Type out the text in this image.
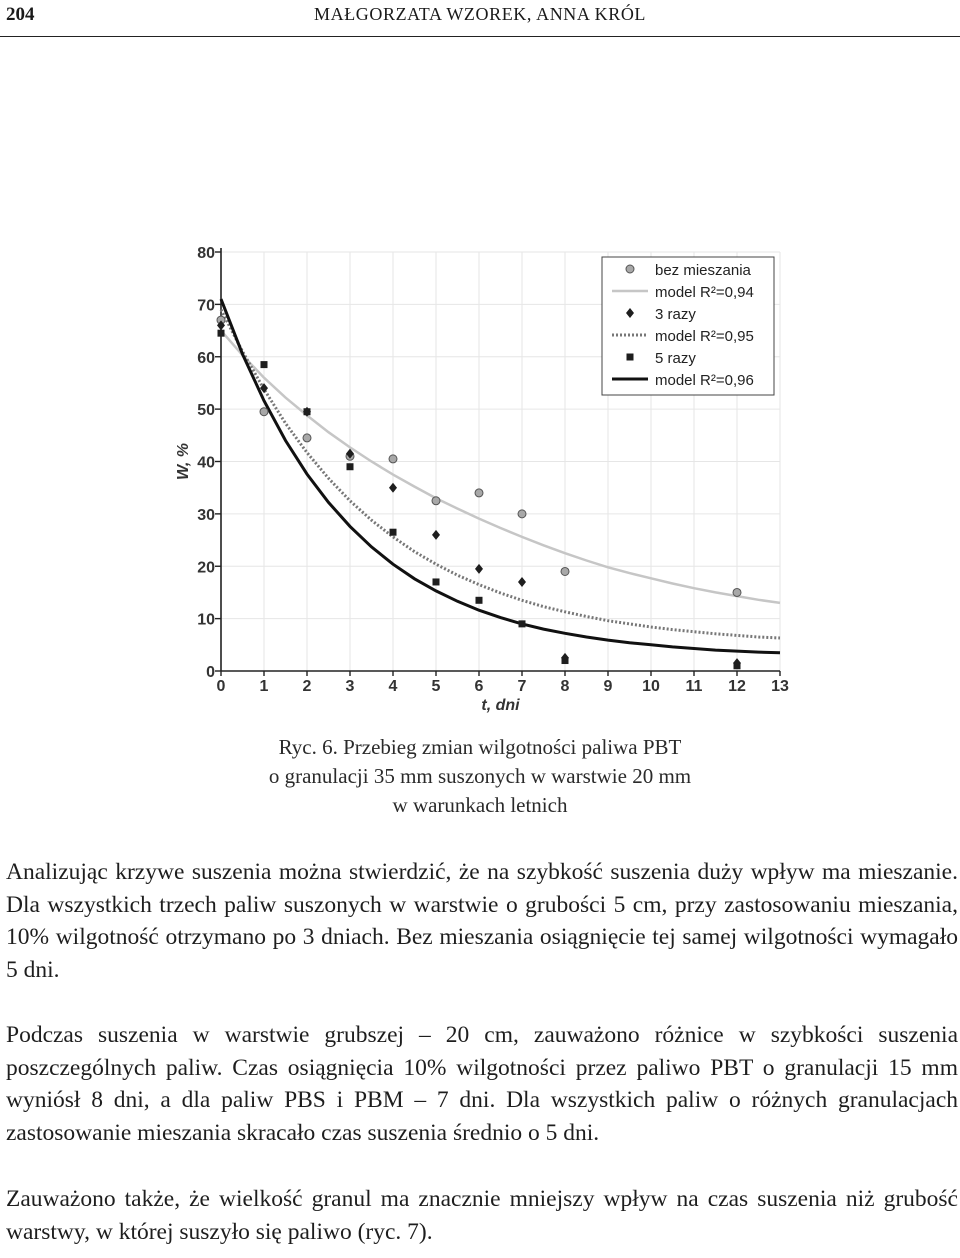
204	MAŁGORZATA WZOREK, ANNA KRÓL
0
10
20
30
40
50
60
70
80
0 1 2 3 4 5 6 7 8 9 10 11 12 13
t, dni
W, %
bez mieszania
model R²=0,94
3 razy
model R²=0,95
5 razy
model R²=0,96
Ryc. 6. Przebieg zmian wilgotności paliwa PBT
o granulacji 35 mm suszonych w warstwie 20 mm
w warunkach letnich

Analizując krzywe suszenia można stwierdzić, że na szybkość suszenia duży wpływ ma mieszanie. Dla wszystkich trzech paliw suszonych w warstwie o grubości 5 cm, przy zastosowaniu mieszania, 10% wilgotność otrzymano po 3 dniach. Bez mieszania osiągnięcie tej samej wilgotności wymagało 5 dni.

Podczas suszenia w warstwie grubszej – 20 cm, zauważono różnice w szybkości suszenia poszczególnych paliw. Czas osiągnięcia 10% wilgotności przez paliwo PBT o granulacji 15 mm wyniósł 8 dni, a dla paliw PBS i PBM – 7 dni. Dla wszystkich paliw o różnych granulacjach zastosowanie mieszania skracało czas suszenia średnio o 5 dni.

Zauważono także, że wielkość granul ma znacznie mniejszy wpływ na czas suszenia niż grubość warstwy, w której suszyło się paliwo (ryc. 7).
